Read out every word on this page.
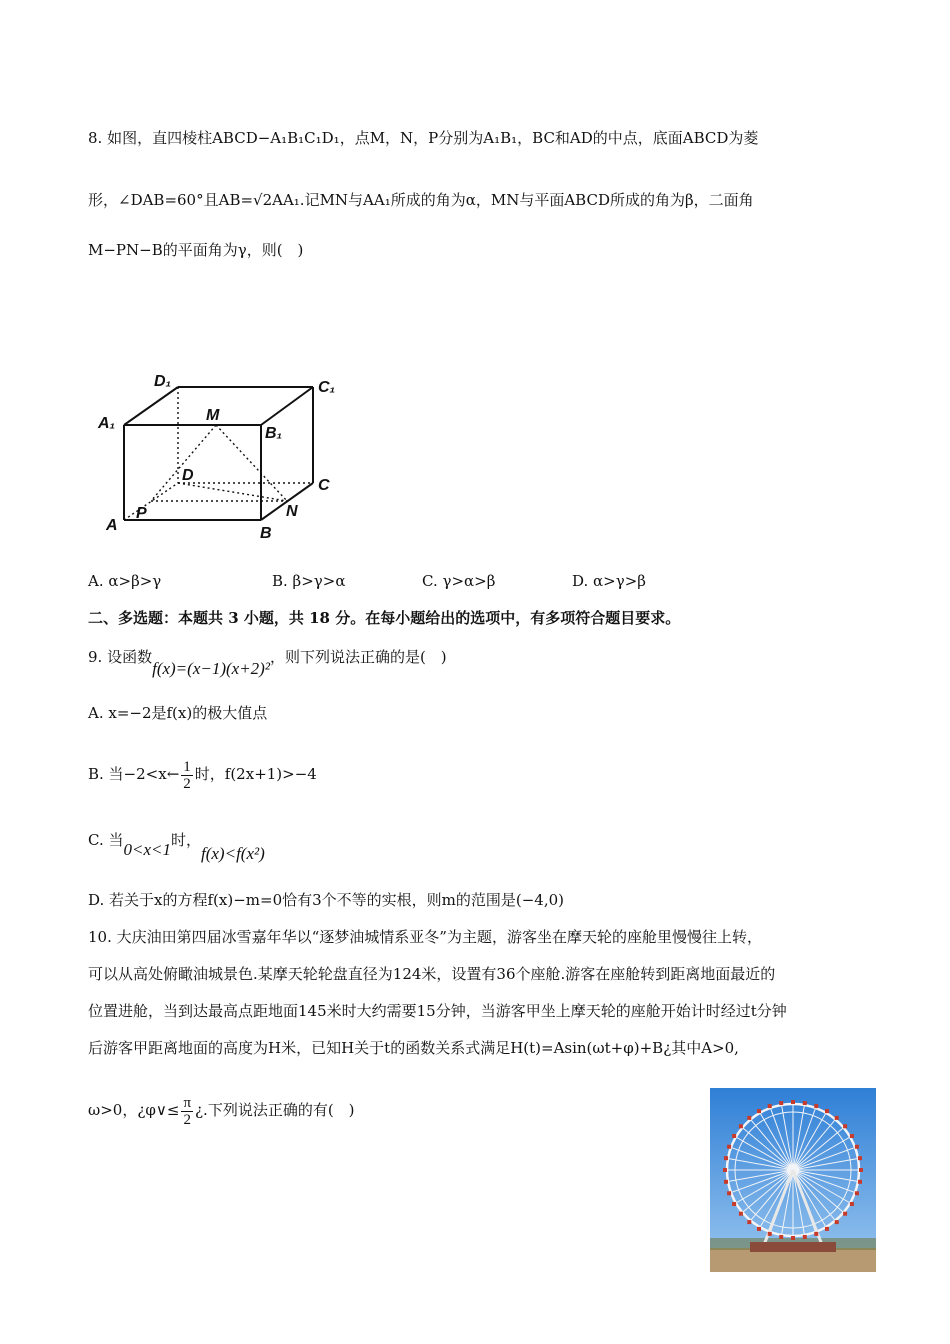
8. 如图，直四棱柱ABCD−A₁B₁C₁D₁，点M，N，P分别为A₁B₁，BC和AD的中点，底面ABCD为菱
形，∠DAB=60°且AB=√2AA₁.记MN与AA₁所成的角为α，MN与平面ABCD所成的角为β，二面角
M−PN−B的平面角为γ，则(　)
D₁	C₁
A₁	M
B₁
D
C
N
P
A	B
A. α>β>γ	B. β>γ>α	C. γ>α>β	D. α>γ>β
二、多选题：本题共 3 小题，共 18 分。在每小题给出的选项中，有多项符合题目要求。
9. 设函数f(x)=(x−1)(x+2)²，则下列说法正确的是(　)
A. x=−2是f(x)的极大值点
B. 当−2<x← $\frac{1}{2}$ 时，f(2x+1)>−4
C. 当0<x<1时，f(x)<f(x²)
D. 若关于x的方程f(x)−m=0恰有3个不等的实根，则m的范围是(−4,0)
10. 大庆油田第四届冰雪嘉年华以“逐梦油城情系亚冬”为主题，游客坐在摩天轮的座舱里慢慢往上转，
可以从高处俯瞰油城景色.某摩天轮轮盘直径为124米，设置有36个座舱.游客在座舱转到距离地面最近的
位置进舱，当到达最高点距地面145米时大约需要15分钟，当游客甲坐上摩天轮的座舱开始计时经过t分钟
后游客甲距离地面的高度为H米，已知H关于t的函数关系式满足H(t)=Asin(ωt+φ)+B¿其中A>0,
ω>0，¿φ∨≤ $\frac{\pi}{2}$ ¿.下列说法正确的有(　)
